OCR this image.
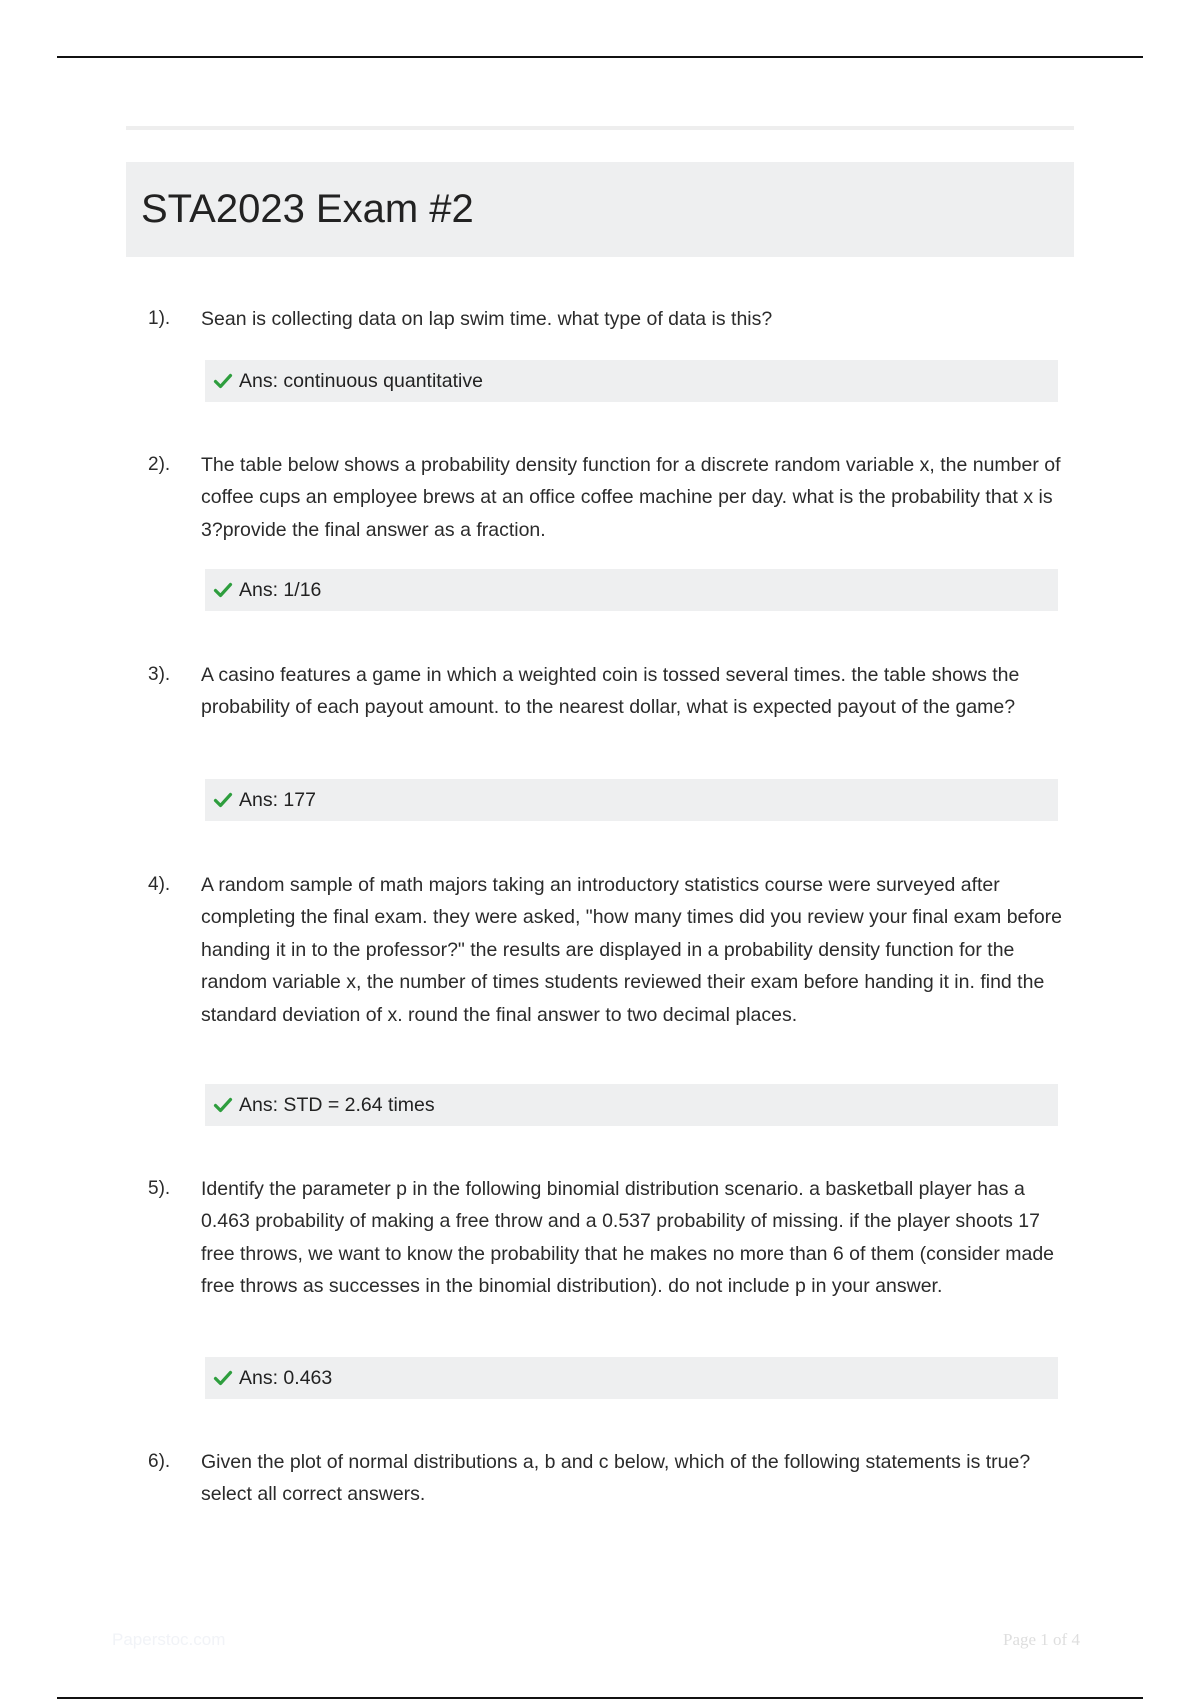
STA2023 Exam #2
1). Sean is collecting data on lap swim time. what type of data is this?

Ans: continuous quantitative
2). The table below shows a probability density function for a discrete random variable x, the number of coffee cups an employee brews at an office coffee machine per day. what is the probability that x is 3?provide the final answer as a fraction.

Ans: 1/16
3). A casino features a game in which a weighted coin is tossed several times. the table shows the probability of each payout amount. to the nearest dollar, what is expected payout of the game?

Ans: 177
4). A random sample of math majors taking an introductory statistics course were surveyed after completing the final exam. they were asked, "how many times did you review your final exam before handing it in to the professor?" the results are displayed in a probability density function for the random variable x, the number of times students reviewed their exam before handing it in. find the standard deviation of x. round the final answer to two decimal places.

Ans: STD = 2.64 times
5). Identify the parameter p in the following binomial distribution scenario. a basketball player has a 0.463 probability of making a free throw and a 0.537 probability of missing. if the player shoots 17 free throws, we want to know the probability that he makes no more than 6 of them (consider made free throws as successes in the binomial distribution). do not include p in your answer.

Ans: 0.463
6). Given the plot of normal distributions a, b and c below, which of the following statements is true? select all correct answers.

Paperstoc.com	Page 1 of 4
